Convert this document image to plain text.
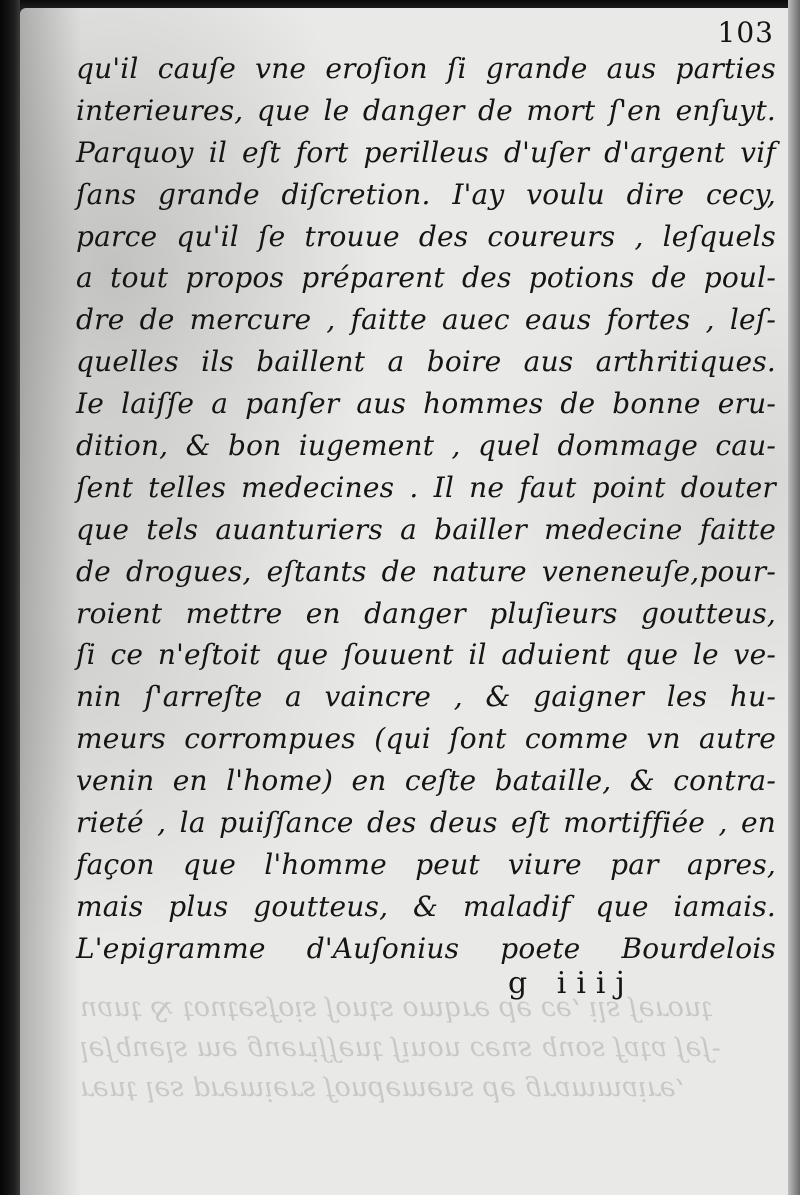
rent les premiers fondemens de grammaire,
leſquels me gueriſſent ſinon ceus quos fata ſeſ-
uant & toutesfois ſonts ombre de ce, ils ſeront
103
qu'il cauſe vne eroſion ſi grande aus parties
interieures, que le danger de mort ſ'en enſuyt.
Parquoy il eſt fort perilleus d'uſer d'argent vif
ſans grande diſcretion. I'ay voulu dire cecy,
parce qu'il ſe trouue des coureurs , leſquels
a tout propos préparent des potions de poul-
dre de mercure , faitte auec eaus fortes , leſ-
quelles ils baillent a boire aus arthritiques.
Ie laiſſe a panſer aus hommes de bonne eru-
dition, & bon iugement , quel dommage cau-
ſent telles medecines . Il ne faut point douter
que tels auanturiers a bailler medecine faitte
de drogues, eſtants de nature veneneuſe,pour-
roient mettre en danger pluſieurs goutteus,
ſi ce n'eſtoit que ſouuent il aduient que le ve-
nin ſ'arreſte a vaincre , & gaigner les hu-
meurs corrompues (qui ſont comme vn autre
venin en l'home) en ceſte bataille, & contra-
rieté , la puiſſance des deus eſt mortiffiée , en
façon que l'homme peut viure par apres,
mais plus goutteus, & maladif que iamais.
L'epigramme d'Auſonius poete Bourdelois
g iiij
